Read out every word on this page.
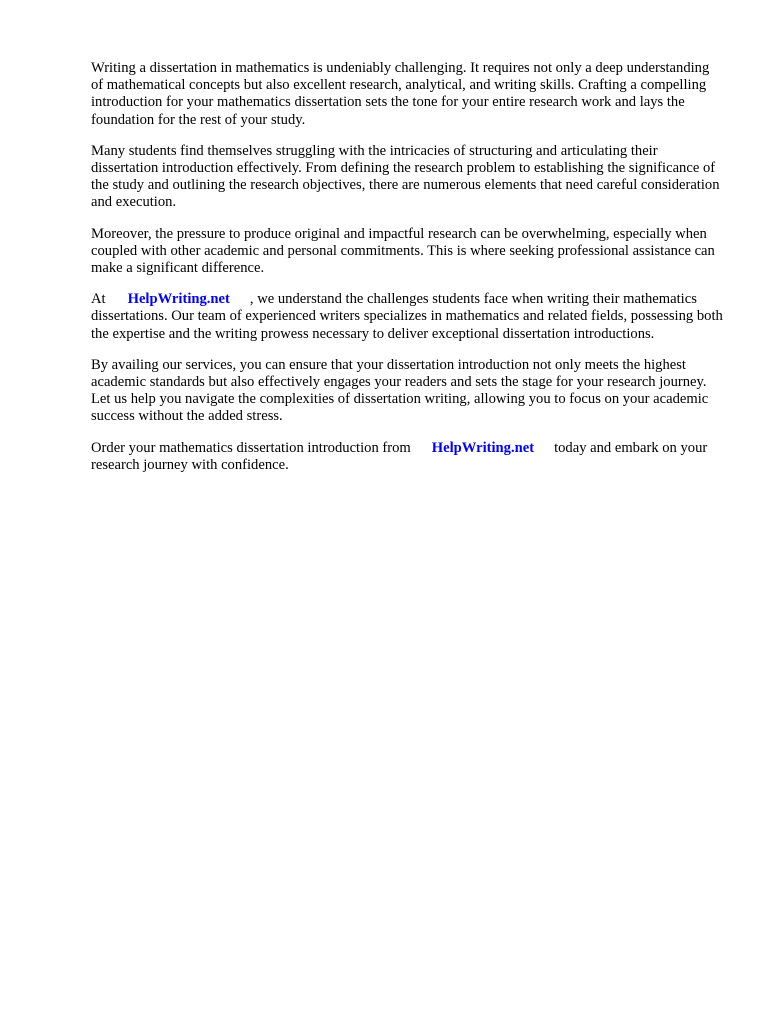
Writing a dissertation in mathematics is undeniably challenging. It requires not only a deep understanding of mathematical concepts but also excellent research, analytical, and writing skills. Crafting a compelling introduction for your mathematics dissertation sets the tone for your entire research work and lays the foundation for the rest of your study.

Many students find themselves struggling with the intricacies of structuring and articulating their dissertation introduction effectively. From defining the research problem to establishing the significance of the study and outlining the research objectives, there are numerous elements that need careful consideration and execution.

Moreover, the pressure to produce original and impactful research can be overwhelming, especially when coupled with other academic and personal commitments. This is where seeking professional assistance can make a significant difference.

At HelpWriting.net , we understand the challenges students face when writing their mathematics dissertations. Our team of experienced writers specializes in mathematics and related fields, possessing both the expertise and the writing prowess necessary to deliver exceptional dissertation introductions.

By availing our services, you can ensure that your dissertation introduction not only meets the highest academic standards but also effectively engages your readers and sets the stage for your research journey. Let us help you navigate the complexities of dissertation writing, allowing you to focus on your academic success without the added stress.

Order your mathematics dissertation introduction from HelpWriting.net today and embark on your research journey with confidence.
